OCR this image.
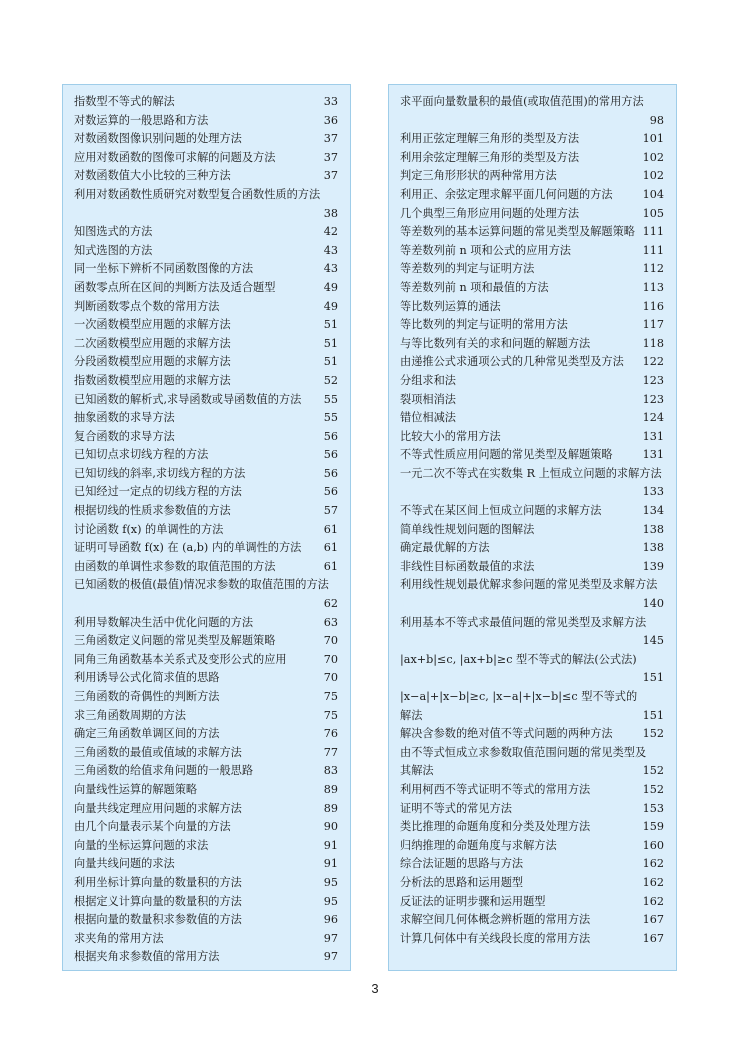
指数型不等式的解法	33
对数运算的一般思路和方法	36
对数函数图像识别问题的处理方法	37
应用对数函数的图像可求解的问题及方法	37
对数函数值大小比较的三种方法	37
利用对数函数性质研究对数型复合函数性质的方法
38
知图选式的方法	42
知式选图的方法	43
同一坐标下辨析不同函数图像的方法	43
函数零点所在区间的判断方法及适合题型	49
判断函数零点个数的常用方法	49
一次函数模型应用题的求解方法	51
二次函数模型应用题的求解方法	51
分段函数模型应用题的求解方法	51
指数函数模型应用题的求解方法	52
已知函数的解析式,求导函数或导函数值的方法 55
抽象函数的求导方法	55
复合函数的求导方法	56
已知切点求切线方程的方法	56
已知切线的斜率,求切线方程的方法	56
已知经过一定点的切线方程的方法	56
根据切线的性质求参数值的方法	57
讨论函数 f(x) 的单调性的方法	61
证明可导函数 f(x) 在 (a,b) 内的单调性的方法 61
由函数的单调性求参数的取值范围的方法	61
已知函数的极值(最值)情况求参数的取值范围的方法
62
利用导数解决生活中优化问题的方法	63
三角函数定义问题的常见类型及解题策略	70
同角三角函数基本关系式及变形公式的应用	70
利用诱导公式化简求值的思路	70
三角函数的奇偶性的判断方法	75
求三角函数周期的方法	75
确定三角函数单调区间的方法	76
三角函数的最值或值域的求解方法	77
三角函数的给值求角问题的一般思路	83
向量线性运算的解题策略	89
向量共线定理应用问题的求解方法	89
由几个向量表示某个向量的方法	90
向量的坐标运算问题的求法	91
向量共线问题的求法	91
利用坐标计算向量的数量积的方法	95
根据定义计算向量的数量积的方法	95
根据向量的数量积求参数值的方法	96
求夹角的常用方法	97
根据夹角求参数值的常用方法	97
求平面向量数量积的最值(或取值范围)的常用方法
98
利用正弦定理解三角形的类型及方法	101
利用余弦定理解三角形的类型及方法	102
判定三角形形状的两种常用方法	102
利用正、余弦定理求解平面几何问题的方法	104
几个典型三角形应用问题的处理方法	105
等差数列的基本运算问题的常见类型及解题策略 111
等差数列前 n 项和公式的应用方法	111
等差数列的判定与证明方法	112
等差数列前 n 项和最值的方法	113
等比数列运算的通法	116
等比数列的判定与证明的常用方法	117
与等比数列有关的求和问题的解题方法	118
由递推公式求通项公式的几种常见类型及方法 122
分组求和法	123
裂项相消法	123
错位相减法	124
比较大小的常用方法	131
不等式性质应用问题的常见类型及解题策略	131
一元二次不等式在实数集 R 上恒成立问题的求解方法
133
不等式在某区间上恒成立问题的求解方法	134
简单线性规划问题的图解法	138
确定最优解的方法	138
非线性目标函数最值的求法	139
利用线性规划最优解求参问题的常见类型及求解方法
140
利用基本不等式求最值问题的常见类型及求解方法
145
|ax+b|≤c, |ax+b|≥c 型不等式的解法(公式法)
151
|x−a|+|x−b|≥c, |x−a|+|x−b|≤c 型不等式的
解法	151
解决含参数的绝对值不等式问题的两种方法	152
由不等式恒成立求参数取值范围问题的常见类型及
其解法	152
利用柯西不等式证明不等式的常用方法	152
证明不等式的常见方法	153
类比推理的命题角度和分类及处理方法	159
归纳推理的命题角度与求解方法	160
综合法证题的思路与方法	162
分析法的思路和运用题型	162
反证法的证明步骤和运用题型	162
求解空间几何体概念辨析题的常用方法	167
计算几何体中有关线段长度的常用方法	167
3
